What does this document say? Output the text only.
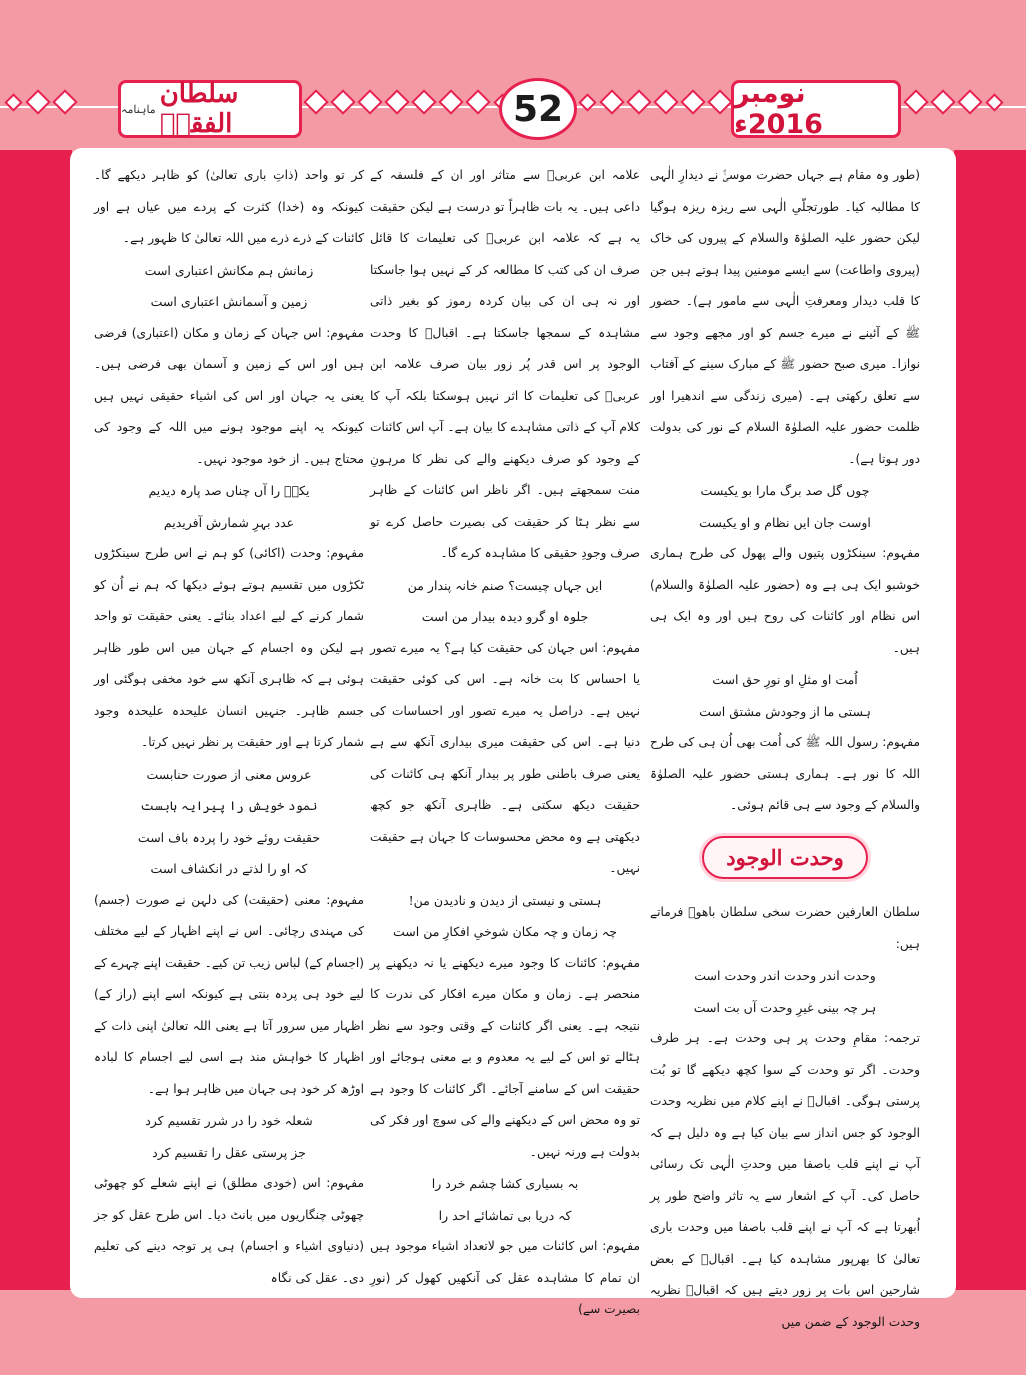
ماہنامہ سلطان الفقرؒ	52	نومبر 2016ء

(طور وہ مقام ہے جہاں حضرت موسیٰؑ نے دیدارِ الٰہی کا مطالبہ کیا۔ طورتجلّیِ الٰہی سے ریزہ ریزہ ہوگیا لیکن حضور علیہ الصلوٰۃ والسلام کے پیروں کی خاک (پیروی واطاعت) سے ایسے مومنین پیدا ہوتے ہیں جن کا قلب دیدار ومعرفتِ الٰہی سے مامور ہے)۔ حضور ﷺ کے آئینے نے میرے جسم کو اور مجھے وجود سے نوازا۔ میری صبح حضور ﷺ کے مبارک سینے کے آفتاب سے تعلق رکھتی ہے۔ (میری زندگی سے اندھیرا اور ظلمت حضور علیہ الصلوٰۃ السلام کے نور کی بدولت دور ہوتا ہے)۔

چوں گل صد برگ مارا بو یکیست

اوست جان ایں نظام و او یکیست

مفہوم: سینکڑوں پتیوں والے پھول کی طرح ہماری خوشبو ایک ہی ہے وہ (حضور علیہ الصلوٰۃ والسلام) اس نظام اور کائنات کی روح ہیں اور وہ ایک ہی ہیں۔

اُمت او مثلِ او نورِ حق است

ہستی ما از وجودش مشتق است

مفہوم: رسول اللہ ﷺ کی اُمت بھی اُن ہی کی طرح اللہ کا نور ہے۔ ہماری ہستی حضور علیہ الصلوٰۃ والسلام کے وجود سے ہی قائم ہوئی۔

وحدت الوجود

سلطان العارفین حضرت سخی سلطان باھوؒ فرماتے ہیں:

وحدت اندر وحدت اندر وحدت است

ہر چہ بینی غیرِ وحدت آں بت است

ترجمہ: مقامِ وحدت پر ہی وحدت ہے۔ ہر طرف وحدت۔ اگر تو وحدت کے سوا کچھ دیکھے گا تو بُت پرستی ہوگی۔ اقبالؒ نے اپنے کلام میں نظریہ وحدت الوجود کو جس انداز سے بیان کیا ہے وہ دلیل ہے کہ آپ نے اپنے قلب باصفا میں وحدتِ الٰہی تک رسائی حاصل کی۔ آپ کے اشعار سے یہ تاثر واضح طور پر اُبھرتا ہے کہ آپ نے اپنے قلب باصفا میں وحدت باری تعالیٰ کا بھرپور مشاہدہ کیا ہے۔ اقبالؒ کے بعض شارحین اس بات پر زور دیتے ہیں کہ اقبالؒ نظریہ وحدت الوجود کے ضمن میں

علامہ ابن عربیؒ سے متاثر اور ان کے فلسفہ کے داعی ہیں۔ یہ بات ظاہراً تو درست ہے لیکن حقیقت یہ ہے کہ علامہ ابن عربیؒ کی تعلیمات کا قائل صرف ان کی کتب کا مطالعہ کر کے نہیں ہوا جاسکتا اور نہ ہی ان کی بیان کردہ رموز کو بغیر ذاتی مشاہدہ کے سمجھا جاسکتا ہے۔ اقبالؒ کا وحدت الوجود پر اس قدر پُر زور بیان صرف علامہ ابن عربیؒ کی تعلیمات کا اثر نہیں ہوسکتا بلکہ آپ کا کلام آپ کے ذاتی مشاہدے کا بیان ہے۔ آپ اس کائنات کے وجود کو صرف دیکھنے والے کی نظر کا مرہونِ منت سمجھتے ہیں۔ اگر ناظر اس کائنات کے ظاہر سے نظر ہٹا کر حقیقت کی بصیرت حاصل کرے تو صرف وجودِ حقیقی کا مشاہدہ کرے گا۔

ایں جہاں چیست؟ صنم خانہ پندار من

جلوہ او گرو دیدہ بیدار من است

مفہوم: اس جہان کی حقیقت کیا ہے؟ یہ میرے تصور یا احساس کا بت خانہ ہے۔ اس کی کوئی حقیقت نہیں ہے۔ دراصل یہ میرے تصور اور احساسات کی دنیا ہے۔ اس کی حقیقت میری بیداری آنکھ سے ہے یعنی صرف باطنی طور پر بیدار آنکھ ہی کائنات کی حقیقت دیکھ سکتی ہے۔ ظاہری آنکھ جو کچھ دیکھتی ہے وہ محض محسوسات کا جہان ہے حقیقت نہیں۔

ہستی و نیستی از دیدن و نادیدن من!

چہ زمان و چہ مکان شوخیِ افکارِ من است

مفہوم: کائنات کا وجود میرے دیکھنے یا نہ دیکھنے پر منحصر ہے۔ زمان و مکان میرے افکار کی ندرت کا نتیجہ ہے۔ یعنی اگر کائنات کے وقتی وجود سے نظر ہٹالے تو اس کے لیے یہ معدوم و بے معنی ہوجائے اور حقیقت اس کے سامنے آجائے۔ اگر کائنات کا وجود ہے تو وہ محض اس کے دیکھنے والے کی سوچ اور فکر کی بدولت ہے ورنہ نہیں۔

بہ بسیاری کشا چشم خرد را

کہ دریا بی تماشائے احد را

مفہوم: اس کائنات میں جو لاتعداد اشیاء موجود ہیں ان تمام کا مشاہدہ عقل کی آنکھیں کھول کر (نورِ بصیرت سے)

کر تو واحد (ذاتِ باری تعالیٰ) کو ظاہر دیکھے گا۔ کیونکہ وہ (خدا) کثرت کے پردے میں عیاں ہے اور کائنات کے ذرے ذرے میں اللہ تعالیٰ کا ظہور ہے۔

زمانش ہم مکانش اعتباری است

زمین و آسمانش اعتباری است

مفہوم: اس جہان کے زمان و مکان (اعتباری) فرضی ہیں اور اس کے زمین و آسمان بھی فرضی ہیں۔ یعنی یہ جہان اور اس کی اشیاء حقیقی نہیں ہیں کیونکہ یہ اپنے موجود ہونے میں اللہ کے وجود کی محتاج ہیں۔ از خود موجود نہیں۔

یکیؔ را آں چناں صد پارہ دیدیم

عدد بہرِ شمارش آفریدیم

مفہوم: وحدت (اکائی) کو ہم نے اس طرح سینکڑوں ٹکڑوں میں تقسیم ہوتے ہوئے دیکھا کہ ہم نے اُن کو شمار کرنے کے لیے اعداد بنائے۔ یعنی حقیقت تو واحد ہے لیکن وہ اجسام کے جہان میں اس طور ظاہر ہوئی ہے کہ ظاہری آنکھ سے خود مخفی ہوگئی اور جسم ظاہر۔ جنہیں انسان علیحدہ علیحدہ وجود شمار کرتا ہے اور حقیقت پر نظر نہیں کرتا۔

عروس معنی از صورت حنابست

نمود خویش را پیرایہ ہابست

حقیقت روئے خود را پردہ باف است

کہ او را لذتے در انکشاف است

مفہوم: معنی (حقیقت) کی دلہن نے صورت (جسم) کی مہندی رچائی۔ اس نے اپنے اظہار کے لیے مختلف (اجسام کے) لباس زیب تن کیے۔ حقیقت اپنے چہرے کے لیے خود ہی پردہ بنتی ہے کیونکہ اسے اپنے (راز کے) اظہار میں سرور آتا ہے یعنی اللہ تعالیٰ اپنی ذات کے اظہار کا خواہش مند ہے اسی لیے اجسام کا لبادہ اوڑھ کر خود ہی جہان میں ظاہر ہوا ہے۔

شعلہ خود را در شرر تقسیم کرد

جز پرستی عقل را تقسیم کرد

مفہوم: اس (خودی مطلق) نے اپنے شعلے کو چھوٹی چھوٹی چنگاریوں میں بانٹ دیا۔ اس طرح عقل کو جز (دنیاوی اشیاء و اجسام) ہی پر توجہ دینے کی تعلیم دی۔ عقل کی نگاہ
